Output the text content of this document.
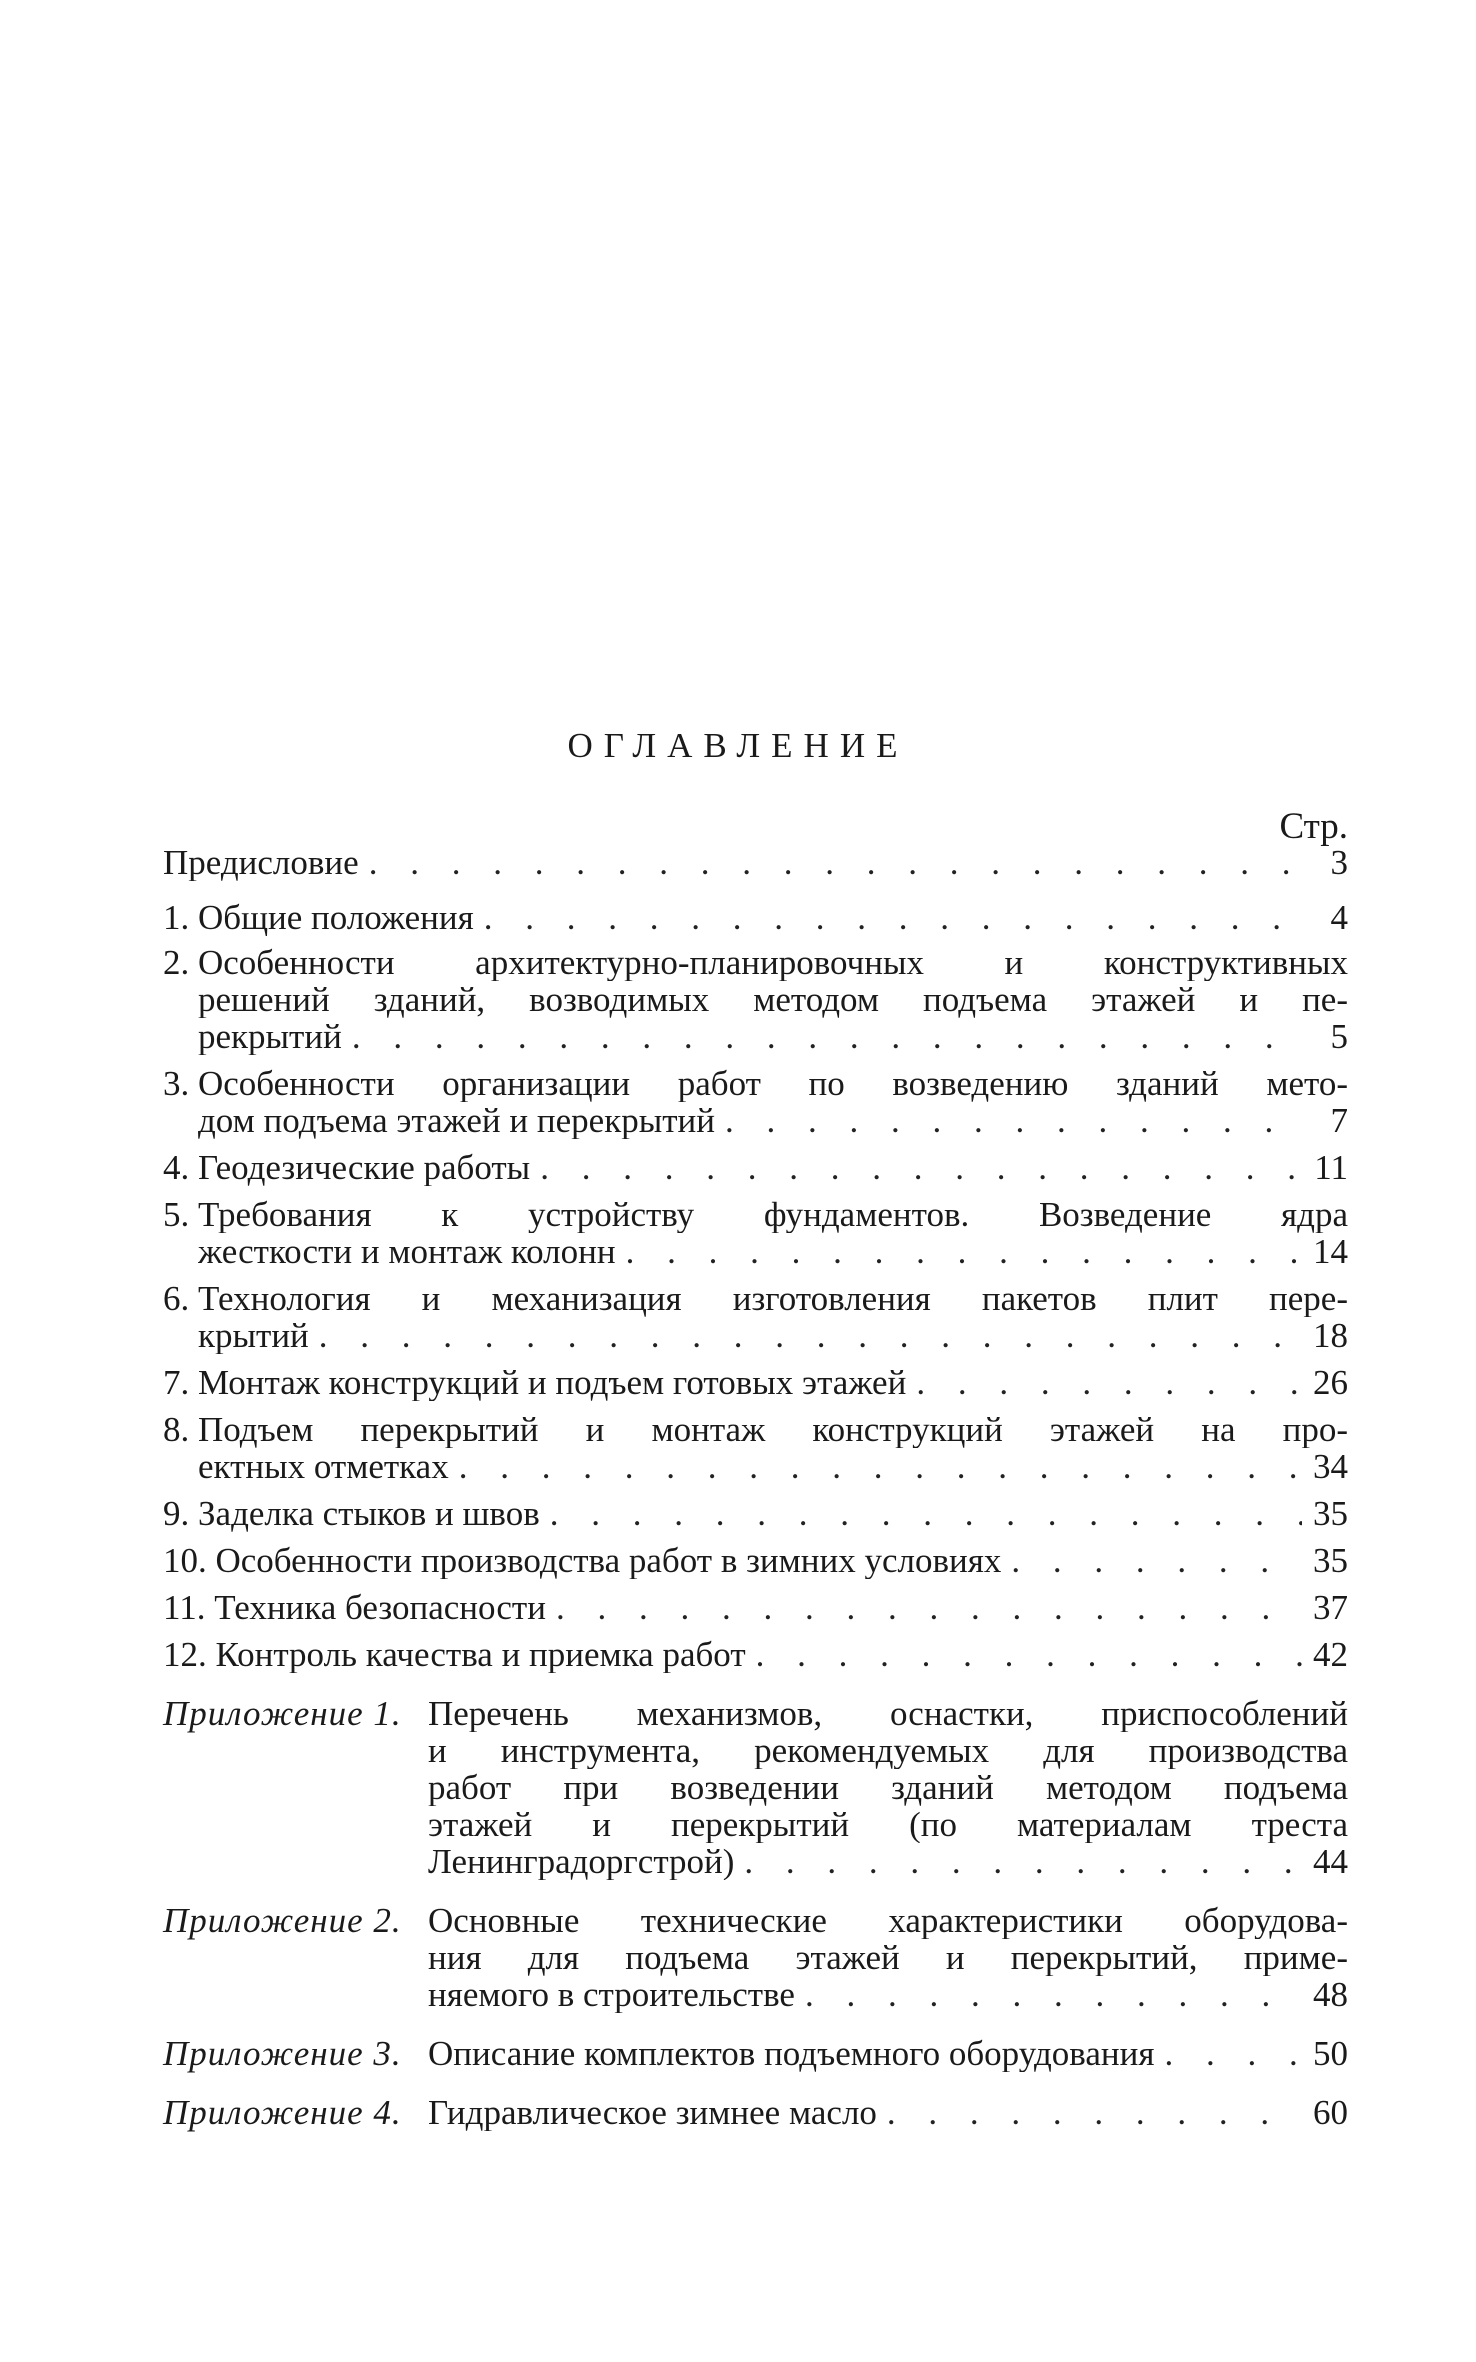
ОГЛАВЛЕНИЕ
Стр.
Предисловие . . .	3
1. Общие положения . . .	4
2. Особенности архитектурно-планировочных и конструктивных
решений зданий, возводимых методом подъема этажей и пе-
рекрытий . . .	5
3. Особенности организации работ по возведению зданий мето-
дом подъема этажей и перекрытий . . .	7
4. Геодезические работы . . .	11
5. Требования к устройству фундаментов. Возведение ядра
жесткости и монтаж колонн . . .	14
6. Технология и механизация изготовления пакетов плит пере-
крытий . . .	18
7. Монтаж конструкций и подъем готовых этажей . . .	26
8. Подъем перекрытий и монтаж конструкций этажей на про-
ектных отметках . . .	34
9. Заделка стыков и швов . . .	35
10. Особенности производства работ в зимних условиях . . .	35
11. Техника безопасности . . .	37
12. Контроль качества и приемка работ . . .	42
Приложение 1. Перечень механизмов, оснастки, приспособлений
и инструмента, рекомендуемых для производства
работ при возведении зданий методом подъема
этажей и перекрытий (по материалам треста
Ленинградоргстрой) . . .	44
Приложение 2. Основные технические характеристики оборудова-
ния для подъема этажей и перекрытий, приме-
няемого в строительстве . . .	48
Приложение 3. Описание комплектов подъемного оборудования . . .	50
Приложение 4. Гидравлическое зимнее масло . . .	60
